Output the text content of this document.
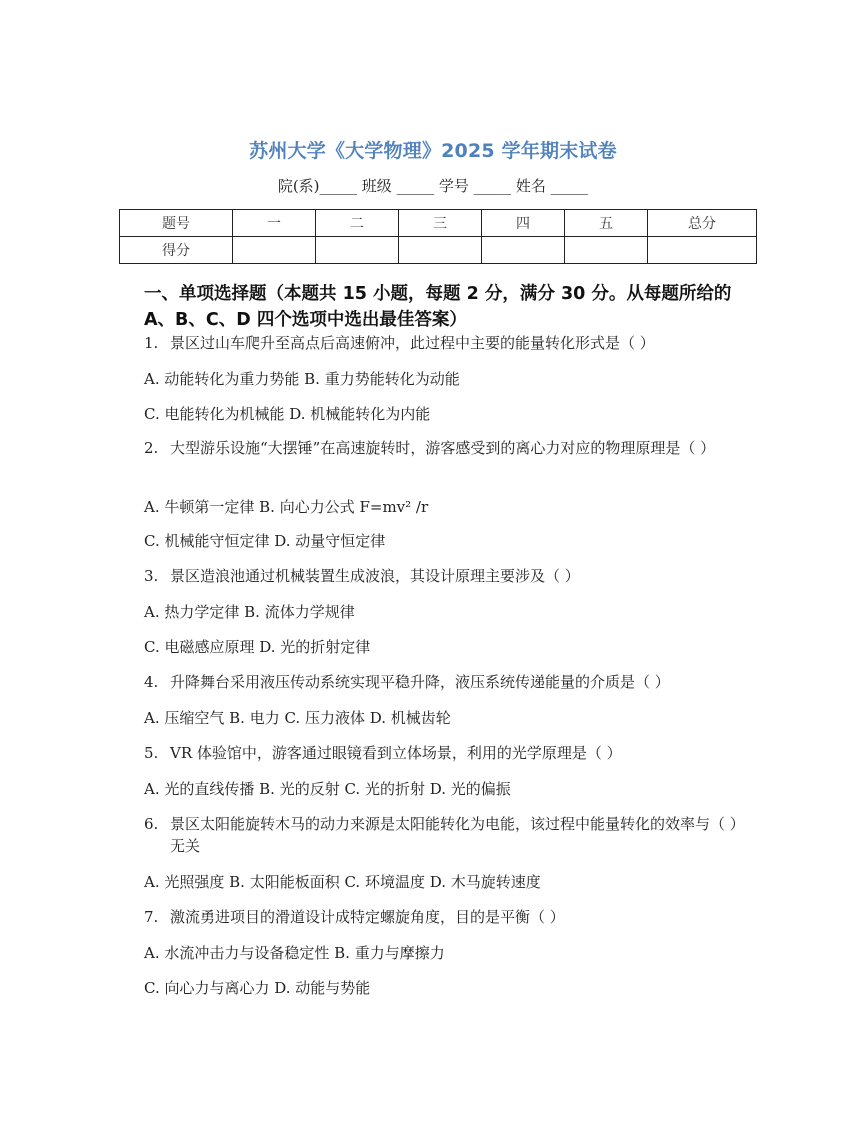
苏州大学《大学物理》2025 学年期末试卷
院(系)_____ 班级 _____ 学号 _____ 姓名 _____
题号	一	二	三	四	五	总分
得分						
一、单项选择题（本题共 15 小题，每题 2 分，满分 30 分。从每题所给的 A、B、C、D 四个选项中选出最佳答案）
1. 景区过山车爬升至高点后高速俯冲，此过程中主要的能量转化形式是（ ）
A. 动能转化为重力势能 B. 重力势能转化为动能
C. 电能转化为机械能 D. 机械能转化为内能
2. 大型游乐设施“大摆锤”在高速旋转时，游客感受到的离心力对应的物理原理是（ ）
A. 牛顿第一定律 B. 向心力公式 F=mv² /r
C. 机械能守恒定律 D. 动量守恒定律
3. 景区造浪池通过机械装置生成波浪，其设计原理主要涉及（ ）
A. 热力学定律 B. 流体力学规律
C. 电磁感应原理 D. 光的折射定律
4. 升降舞台采用液压传动系统实现平稳升降，液压系统传递能量的介质是（ ）
A. 压缩空气 B. 电力 C. 压力液体 D. 机械齿轮
5. VR 体验馆中，游客通过眼镜看到立体场景，利用的光学原理是（ ）
A. 光的直线传播 B. 光的反射 C. 光的折射 D. 光的偏振
6. 景区太阳能旋转木马的动力来源是太阳能转化为电能，该过程中能量转化的效率与（ ）无关
A. 光照强度 B. 太阳能板面积 C. 环境温度 D. 木马旋转速度
7. 激流勇进项目的滑道设计成特定螺旋角度，目的是平衡（ ）
A. 水流冲击力与设备稳定性 B. 重力与摩擦力
C. 向心力与离心力 D. 动能与势能
